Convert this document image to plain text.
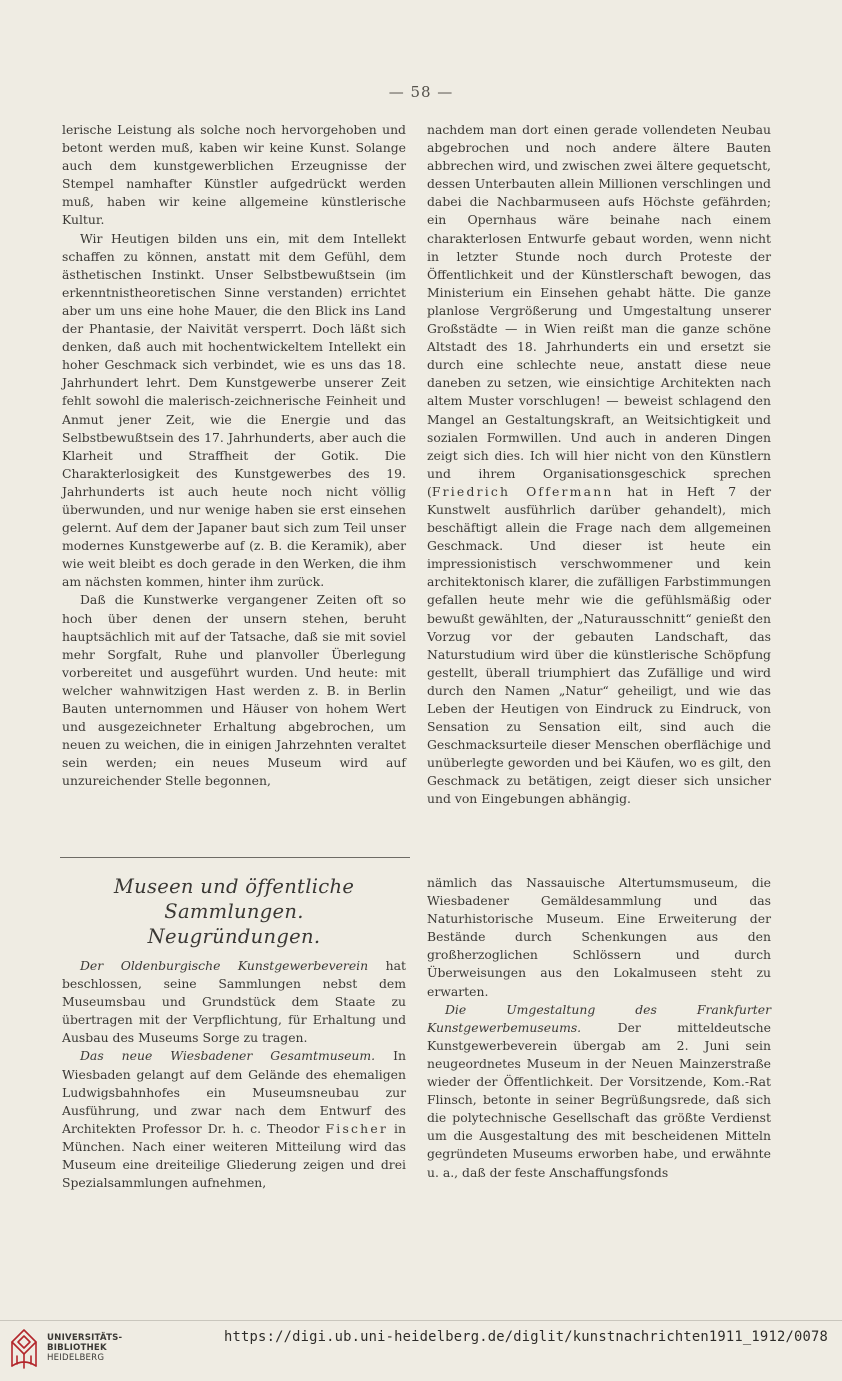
— 58 —

lerische Leistung als solche noch hervorgehoben und betont werden muß, kaben wir keine Kunst. Solange auch dem kunstgewerblichen Erzeugnisse der Stempel namhafter Künstler aufgedrückt werden muß, haben wir keine allgemeine künstlerische Kultur.

Wir Heutigen bilden uns ein, mit dem Intellekt schaffen zu können, anstatt mit dem Gefühl, dem ästhetischen Instinkt. Unser Selbstbewußtsein (im erkenntnistheoretischen Sinne verstanden) errichtet aber um uns eine hohe Mauer, die den Blick ins Land der Phantasie, der Naivität versperrt. Doch läßt sich denken, daß auch mit hochentwickeltem Intellekt ein hoher Geschmack sich verbindet, wie es uns das 18. Jahrhundert lehrt. Dem Kunstgewerbe unserer Zeit fehlt sowohl die malerisch-zeichnerische Feinheit und Anmut jener Zeit, wie die Energie und das Selbstbewußtsein des 17. Jahrhunderts, aber auch die Klarheit und Straffheit der Gotik. Die Charakterlosigkeit des Kunstgewerbes des 19. Jahrhunderts ist auch heute noch nicht völlig überwunden, und nur wenige haben sie erst einsehen gelernt. Auf dem der Japaner baut sich zum Teil unser modernes Kunstgewerbe auf (z. B. die Keramik), aber wie weit bleibt es doch gerade in den Werken, die ihm am nächsten kommen, hinter ihm zurück.

Daß die Kunstwerke vergangener Zeiten oft so hoch über denen der unsern stehen, beruht hauptsächlich mit auf der Tatsache, daß sie mit soviel mehr Sorgfalt, Ruhe und planvoller Überlegung vorbereitet und ausgeführt wurden. Und heute: mit welcher wahnwitzigen Hast werden z. B. in Berlin Bauten unternommen und Häuser von hohem Wert und ausgezeichneter Erhaltung abgebrochen, um neuen zu weichen, die in einigen Jahrzehnten veraltet sein werden; ein neues Museum wird auf unzureichender Stelle begonnen,

nachdem man dort einen gerade vollendeten Neubau abgebrochen und noch andere ältere Bauten abbrechen wird, und zwischen zwei ältere gequetscht, dessen Unterbauten allein Millionen verschlingen und dabei die Nachbarmuseen aufs Höchste gefährden; ein Opernhaus wäre beinahe nach einem charakterlosen Entwurfe gebaut worden, wenn nicht in letzter Stunde noch durch Proteste der Öffentlichkeit und der Künstlerschaft bewogen, das Ministerium ein Einsehen gehabt hätte. Die ganze planlose Vergrößerung und Umgestaltung unserer Großstädte — in Wien reißt man die ganze schöne Altstadt des 18. Jahrhunderts ein und ersetzt sie durch eine schlechte neue, anstatt diese neue daneben zu setzen, wie einsichtige Architekten nach altem Muster vorschlugen! — beweist schlagend den Mangel an Gestaltungskraft, an Weitsichtigkeit und sozialen Formwillen. Und auch in anderen Dingen zeigt sich dies. Ich will hier nicht von den Künstlern und ihrem Organisationsgeschick sprechen (Friedrich Offermann hat in Heft 7 der Kunstwelt ausführlich darüber gehandelt), mich beschäftigt allein die Frage nach dem allgemeinen Geschmack. Und dieser ist heute ein impressionistisch verschwommener und kein architektonisch klarer, die zufälligen Farbstimmungen gefallen heute mehr wie die gefühlsmäßig oder bewußt gewählten, der „Naturausschnitt“ genießt den Vorzug vor der gebauten Landschaft, das Naturstudium wird über die künstlerische Schöpfung gestellt, überall triumphiert das Zufällige und wird durch den Namen „Natur“ geheiligt, und wie das Leben der Heutigen von Eindruck zu Eindruck, von Sensation zu Sensation eilt, sind auch die Geschmacksurteile dieser Menschen oberflächige und unüberlegte geworden und bei Käufen, wo es gilt, den Geschmack zu betätigen, zeigt dieser sich unsicher und von Eingebungen abhängig.

Museen und öffentliche Sammlungen.
Neugründungen.

Der Oldenburgische Kunstgewerbeverein hat beschlossen, seine Sammlungen nebst dem Museumsbau und Grundstück dem Staate zu übertragen mit der Verpflichtung, für Erhaltung und Ausbau des Museums Sorge zu tragen.

Das neue Wiesbadener Gesamtmuseum. In Wiesbaden gelangt auf dem Gelände des ehemaligen Ludwigsbahnhofes ein Museumsneubau zur Ausführung, und zwar nach dem Entwurf des Architekten Professor Dr. h. c. Theodor Fischer in München. Nach einer weiteren Mitteilung wird das Museum eine dreiteilige Gliederung zeigen und drei Spezialsammlungen aufnehmen,

nämlich das Nassauische Altertumsmuseum, die Wiesbadener Gemäldesammlung und das Naturhistorische Museum. Eine Erweiterung der Bestände durch Schenkungen aus den großherzoglichen Schlössern und durch Überweisungen aus den Lokalmuseen steht zu erwarten.

Die Umgestaltung des Frankfurter Kunstgewerbemuseums. Der mitteldeutsche Kunstgewerbeverein übergab am 2. Juni sein neugeordnetes Museum in der Neuen Mainzerstraße wieder der Öffentlichkeit. Der Vorsitzende, Kom.-Rat Flinsch, betonte in seiner Begrüßungsrede, daß sich die polytechnische Gesellschaft das größte Verdienst um die Ausgestaltung des mit bescheidenen Mitteln gegründeten Museums erworben habe, und erwähnte u. a., daß der feste Anschaffungsfonds

UNIVERSITÄTS-
BIBLIOTHEK
HEIDELBERG
https://digi.ub.uni-heidelberg.de/diglit/kunstnachrichten1911_1912/0078
